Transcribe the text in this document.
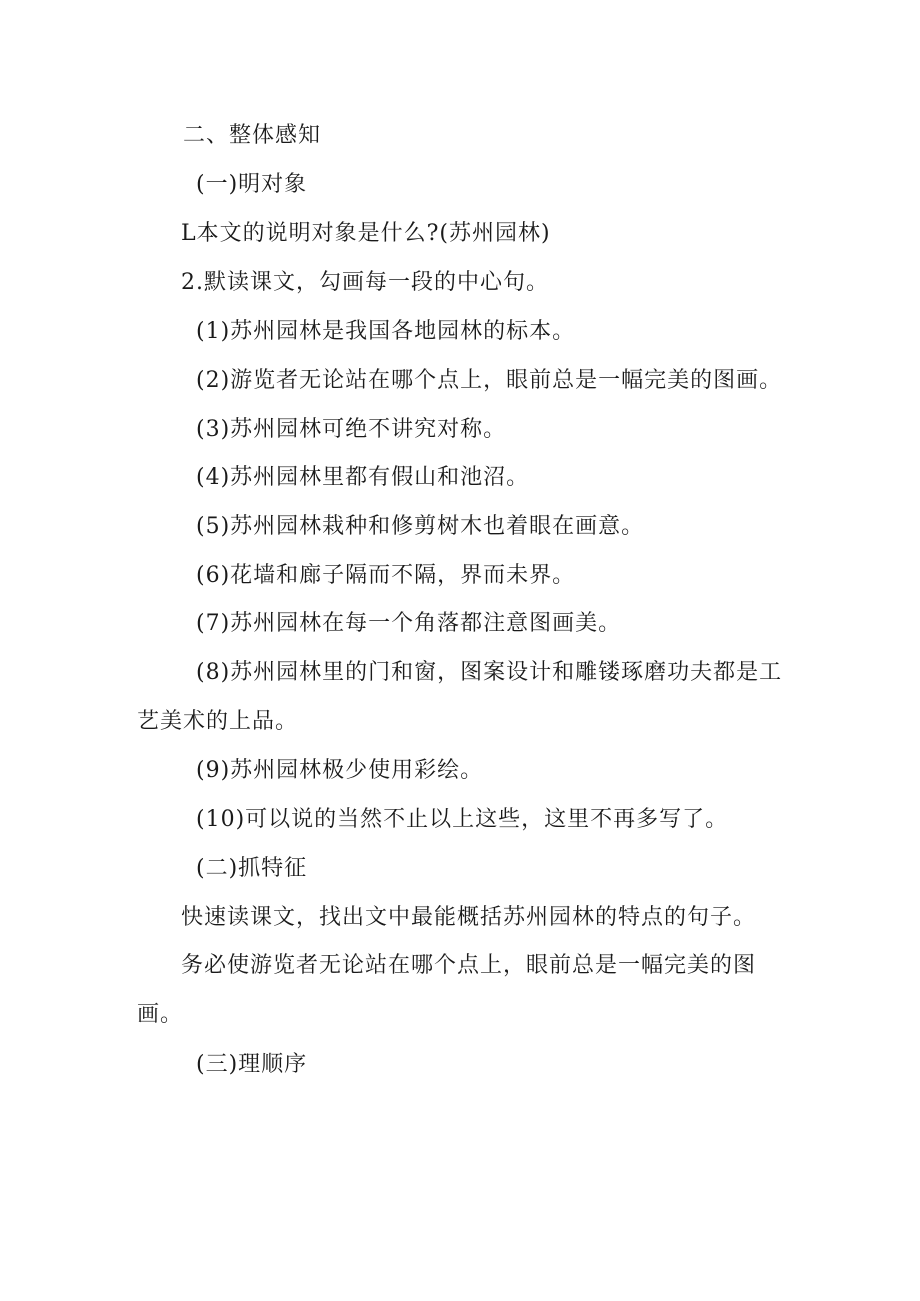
二、整体感知
(一)明对象
L本文的说明对象是什么?(苏州园林)
2.默读课文，勾画每一段的中心句。
(1)苏州园林是我国各地园林的标本。
(2)游览者无论站在哪个点上，眼前总是一幅完美的图画。
(3)苏州园林可绝不讲究对称。
(4)苏州园林里都有假山和池沼。
(5)苏州园林栽种和修剪树木也着眼在画意。
(6)花墙和廊子隔而不隔，界而未界。
(7)苏州园林在每一个角落都注意图画美。
(8)苏州园林里的门和窗，图案设计和雕镂琢磨功夫都是工
艺美术的上品。
(9)苏州园林极少使用彩绘。
(10)可以说的当然不止以上这些，这里不再多写了。
(二)抓特征
快速读课文，找出文中最能概括苏州园林的特点的句子。
务必使游览者无论站在哪个点上，眼前总是一幅完美的图
画。
(三)理顺序
